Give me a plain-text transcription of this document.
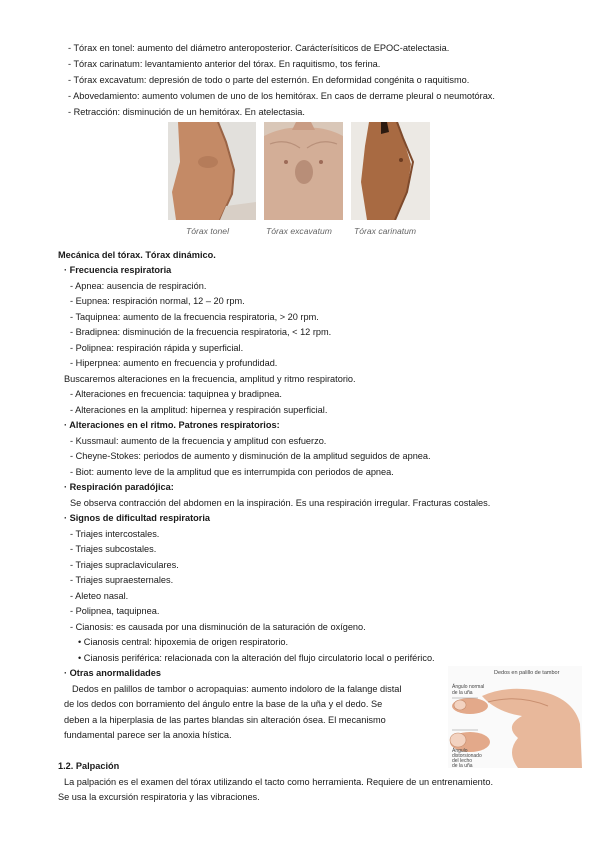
- Tórax en tonel: aumento del diámetro anteroposterior. Carácterísiticos de EPOC-atelectasia.
- Tórax carinatum: levantamiento anterior del tórax. En raquitismo, tos ferina.
- Tórax excavatum: depresión de todo o parte del esternón. En deformidad congénita o raquitismo.
- Abovedamiento: aumento volumen de uno de los hemitórax. En caos de derrame pleural o neumotórax.
- Retracción: disminución de un hemitórax. En atelectasia.
Tórax tonel	Tórax excavatum	Tórax carinatum
Mecánica del tórax. Tórax dinámico.
· Frecuencia respiratoria
- Apnea: ausencia de respiración.
- Eupnea: respiración normal, 12 – 20 rpm.
- Taquipnea: aumento de la frecuencia respiratoria, > 20 rpm.
- Bradipnea: disminución de la frecuencia respiratoria, < 12 rpm.
- Polipnea: respiración rápida y superficial.
- Hiperpnea: aumento en frecuencia y profundidad.
Buscaremos alteraciones en la frecuencia, amplitud y ritmo respiratorio.
- Alteraciones en frecuencia: taquipnea y bradipnea.
- Alteraciones en la amplitud: hipernea y respiración superficial.
· Alteraciones en el ritmo. Patrones respiratorios:
- Kussmaul: aumento de la frecuencia y amplitud con esfuerzo.
- Cheyne-Stokes: periodos de aumento y disminución de la amplitud seguidos de apnea.
- Biot: aumento leve de la amplitud que es interrumpida con periodos de apnea.
· Respiración paradójica:
Se observa contracción del abdomen en la inspiración. Es una respiración irregular. Fracturas costales.
· Signos de dificultad respiratoria
- Triajes intercostales.
- Triajes subcostales.
- Triajes supraclaviculares.
- Triajes supraesternales.
- Aleteo nasal.
- Polipnea, taquipnea.
- Cianosis: es causada por una disminución de la saturación de oxígeno.
• Cianosis central: hipoxemia de origen respiratorio.
• Cianosis periférica: relacionada con la alteración del flujo circulatorio local o periférico.
· Otras anormalidades
Dedos en palillos de tambor o acropaquias: aumento indoloro de la falange distal
de los dedos con borramiento del ángulo entre la base de la uña y el dedo. Se
deben a la hiperplasia de las partes blandas sin alteración ósea. El mecanismo
fundamental parece ser la anoxia hística.
Dedos en palillo de tambor
Ángulo normal
de la uña
Ángulo
distorsionado
del lecho
de la uña
1.2. Palpación
La palpación es el examen del tórax utilizando el tacto como herramienta. Requiere de un entrenamiento.
Se usa la excursión respiratoria y las vibraciones.
